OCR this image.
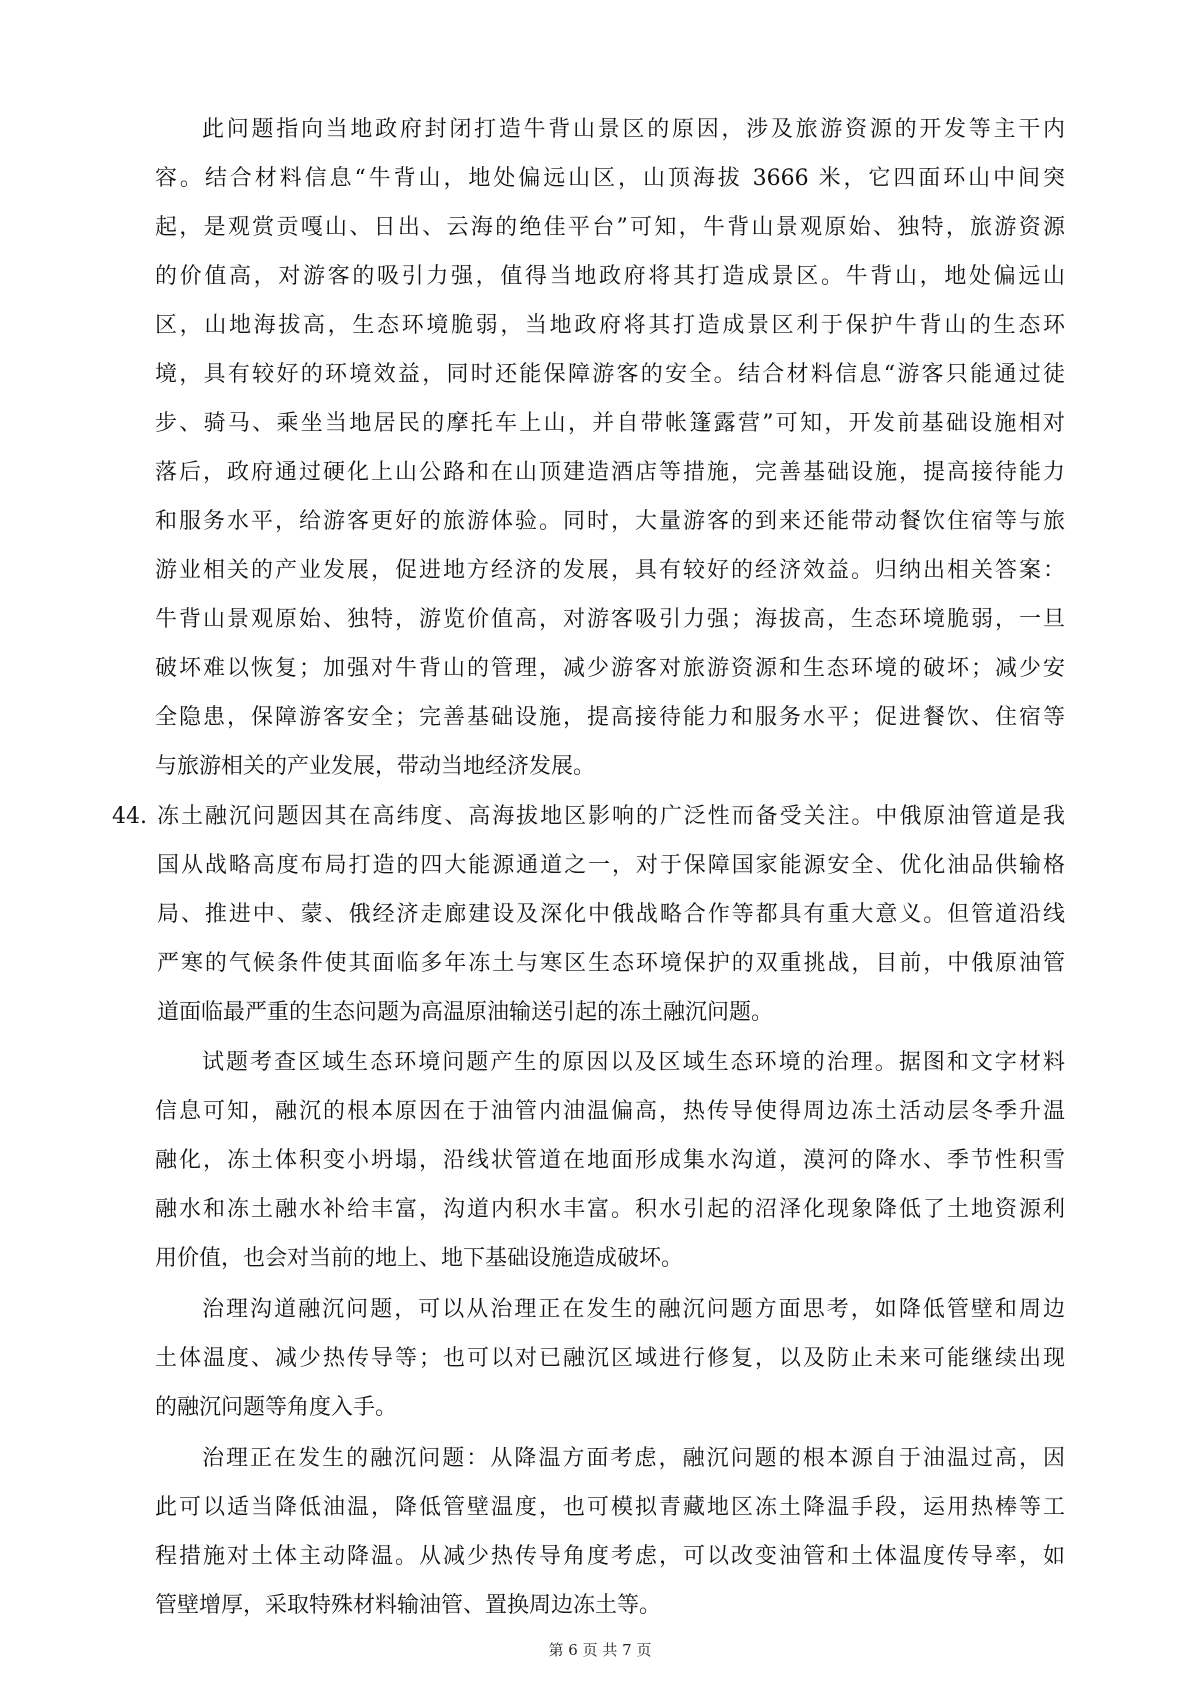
此问题指向当地政府封闭打造牛背山景区的原因，涉及旅游资源的开发等主干内
容。结合材料信息“牛背山，地处偏远山区，山顶海拔 3666 米，它四面环山中间突
起，是观赏贡嘎山、日出、云海的绝佳平台”可知，牛背山景观原始、独特，旅游资源
的价值高，对游客的吸引力强，值得当地政府将其打造成景区。牛背山，地处偏远山
区，山地海拔高，生态环境脆弱，当地政府将其打造成景区利于保护牛背山的生态环
境，具有较好的环境效益，同时还能保障游客的安全。结合材料信息“游客只能通过徒
步、骑马、乘坐当地居民的摩托车上山，并自带帐篷露营”可知，开发前基础设施相对
落后，政府通过硬化上山公路和在山顶建造酒店等措施，完善基础设施，提高接待能力
和服务水平，给游客更好的旅游体验。同时，大量游客的到来还能带动餐饮住宿等与旅
游业相关的产业发展，促进地方经济的发展，具有较好的经济效益。归纳出相关答案：
牛背山景观原始、独特，游览价值高，对游客吸引力强；海拔高，生态环境脆弱，一旦
破坏难以恢复；加强对牛背山的管理，减少游客对旅游资源和生态环境的破坏；减少安
全隐患，保障游客安全；完善基础设施，提高接待能力和服务水平；促进餐饮、住宿等
与旅游相关的产业发展，带动当地经济发展。
44. 冻土融沉问题因其在高纬度、高海拔地区影响的广泛性而备受关注。中俄原油管道是我
国从战略高度布局打造的四大能源通道之一，对于保障国家能源安全、优化油品供输格
局、推进中、蒙、俄经济走廊建设及深化中俄战略合作等都具有重大意义。但管道沿线
严寒的气候条件使其面临多年冻土与寒区生态环境保护的双重挑战，目前，中俄原油管
道面临最严重的生态问题为高温原油输送引起的冻土融沉问题。
试题考查区域生态环境问题产生的原因以及区域生态环境的治理。据图和文字材料
信息可知，融沉的根本原因在于油管内油温偏高，热传导使得周边冻土活动层冬季升温
融化，冻土体积变小坍塌，沿线状管道在地面形成集水沟道，漠河的降水、季节性积雪
融水和冻土融水补给丰富，沟道内积水丰富。积水引起的沼泽化现象降低了土地资源利
用价值，也会对当前的地上、地下基础设施造成破坏。
治理沟道融沉问题，可以从治理正在发生的融沉问题方面思考，如降低管壁和周边
土体温度、减少热传导等；也可以对已融沉区域进行修复，以及防止未来可能继续出现
的融沉问题等角度入手。
治理正在发生的融沉问题：从降温方面考虑，融沉问题的根本源自于油温过高，因
此可以适当降低油温，降低管壁温度，也可模拟青藏地区冻土降温手段，运用热棒等工
程措施对土体主动降温。从减少热传导角度考虑，可以改变油管和土体温度传导率，如
管壁增厚，采取特殊材料输油管、置换周边冻土等。
第 6 页 共 7 页
